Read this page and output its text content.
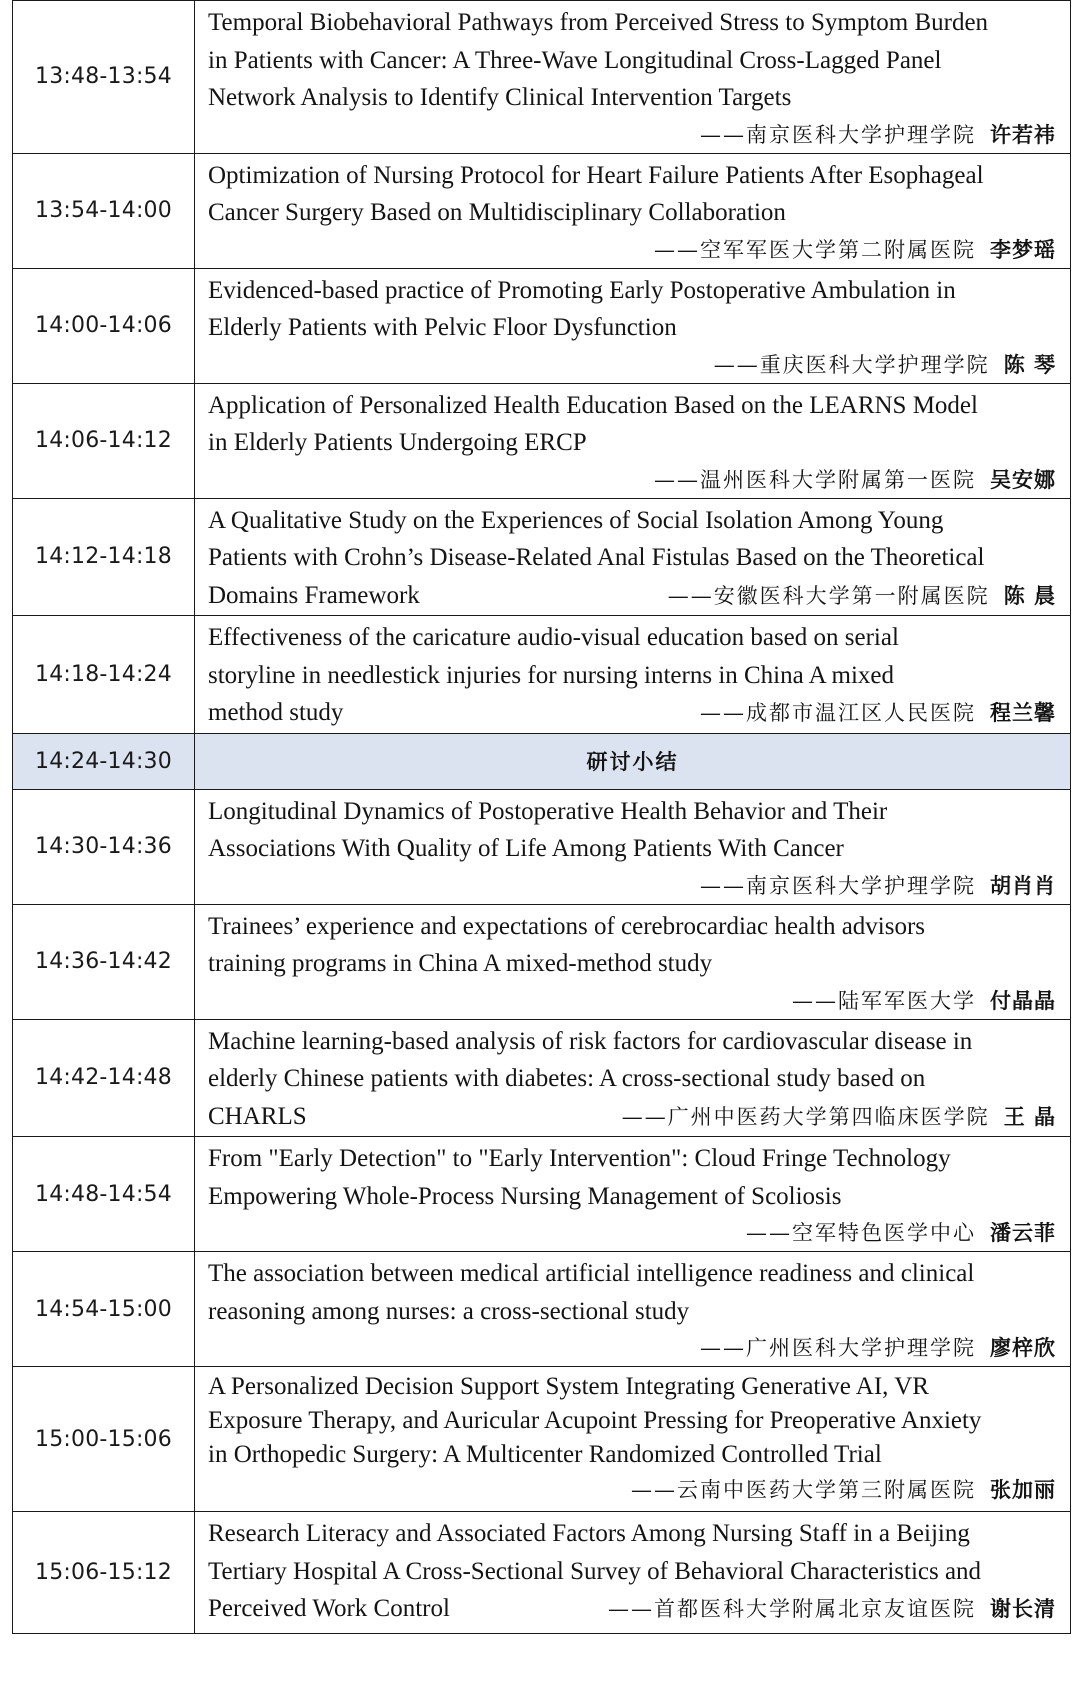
13:48-13:54	Temporal Biobehavioral Pathways from Perceived Stress to Symptom Burden
in Patients with Cancer: A Three-Wave Longitudinal Cross-Lagged Panel
Network Analysis to Identify Clinical Intervention Targets
——南京医科大学护理学院 许若祎

13:54-14:00	Optimization of Nursing Protocol for Heart Failure Patients After Esophageal
Cancer Surgery Based on Multidisciplinary Collaboration
——空军军医大学第二附属医院 李梦瑶

14:00-14:06	Evidenced-based practice of Promoting Early Postoperative Ambulation in
Elderly Patients with Pelvic Floor Dysfunction
——重庆医科大学护理学院 陈 琴

14:06-14:12	Application of Personalized Health Education Based on the LEARNS Model
in Elderly Patients Undergoing ERCP
——温州医科大学附属第一医院 吴安娜

14:12-14:18	A Qualitative Study on the Experiences of Social Isolation Among Young
Patients with Crohn’s Disease-Related Anal Fistulas Based on the Theoretical
Domains Framework ——安徽医科大学第一附属医院 陈 晨

14:18-14:24	Effectiveness of the caricature audio-visual education based on serial
storyline in needlestick injuries for nursing interns in China A mixed
method study ——成都市温江区人民医院 程兰馨

14:24-14:30	研讨小结
14:30-14:36	Longitudinal Dynamics of Postoperative Health Behavior and Their
Associations With Quality of Life Among Patients With Cancer
——南京医科大学护理学院 胡肖肖

14:36-14:42	Trainees’ experience and expectations of cerebrocardiac health advisors
training programs in China A mixed-method study
——陆军军医大学 付晶晶

14:42-14:48	Machine learning-based analysis of risk factors for cardiovascular disease in
elderly Chinese patients with diabetes: A cross-sectional study based on
CHARLS ——广州中医药大学第四临床医学院 王 晶

14:48-14:54	From "Early Detection" to "Early Intervention": Cloud Fringe Technology
Empowering Whole-Process Nursing Management of Scoliosis
——空军特色医学中心 潘云菲

14:54-15:00	The association between medical artificial intelligence readiness and clinical
reasoning among nurses: a cross-sectional study
——广州医科大学护理学院 廖梓欣

15:00-15:06	A Personalized Decision Support System Integrating Generative AI, VR
Exposure Therapy, and Auricular Acupoint Pressing for Preoperative Anxiety
in Orthopedic Surgery: A Multicenter Randomized Controlled Trial
——云南中医药大学第三附属医院 张加丽

15:06-15:12	Research Literacy and Associated Factors Among Nursing Staff in a Beijing
Tertiary Hospital A Cross-Sectional Survey of Behavioral Characteristics and
Perceived Work Control ——首都医科大学附属北京友谊医院 谢长清
